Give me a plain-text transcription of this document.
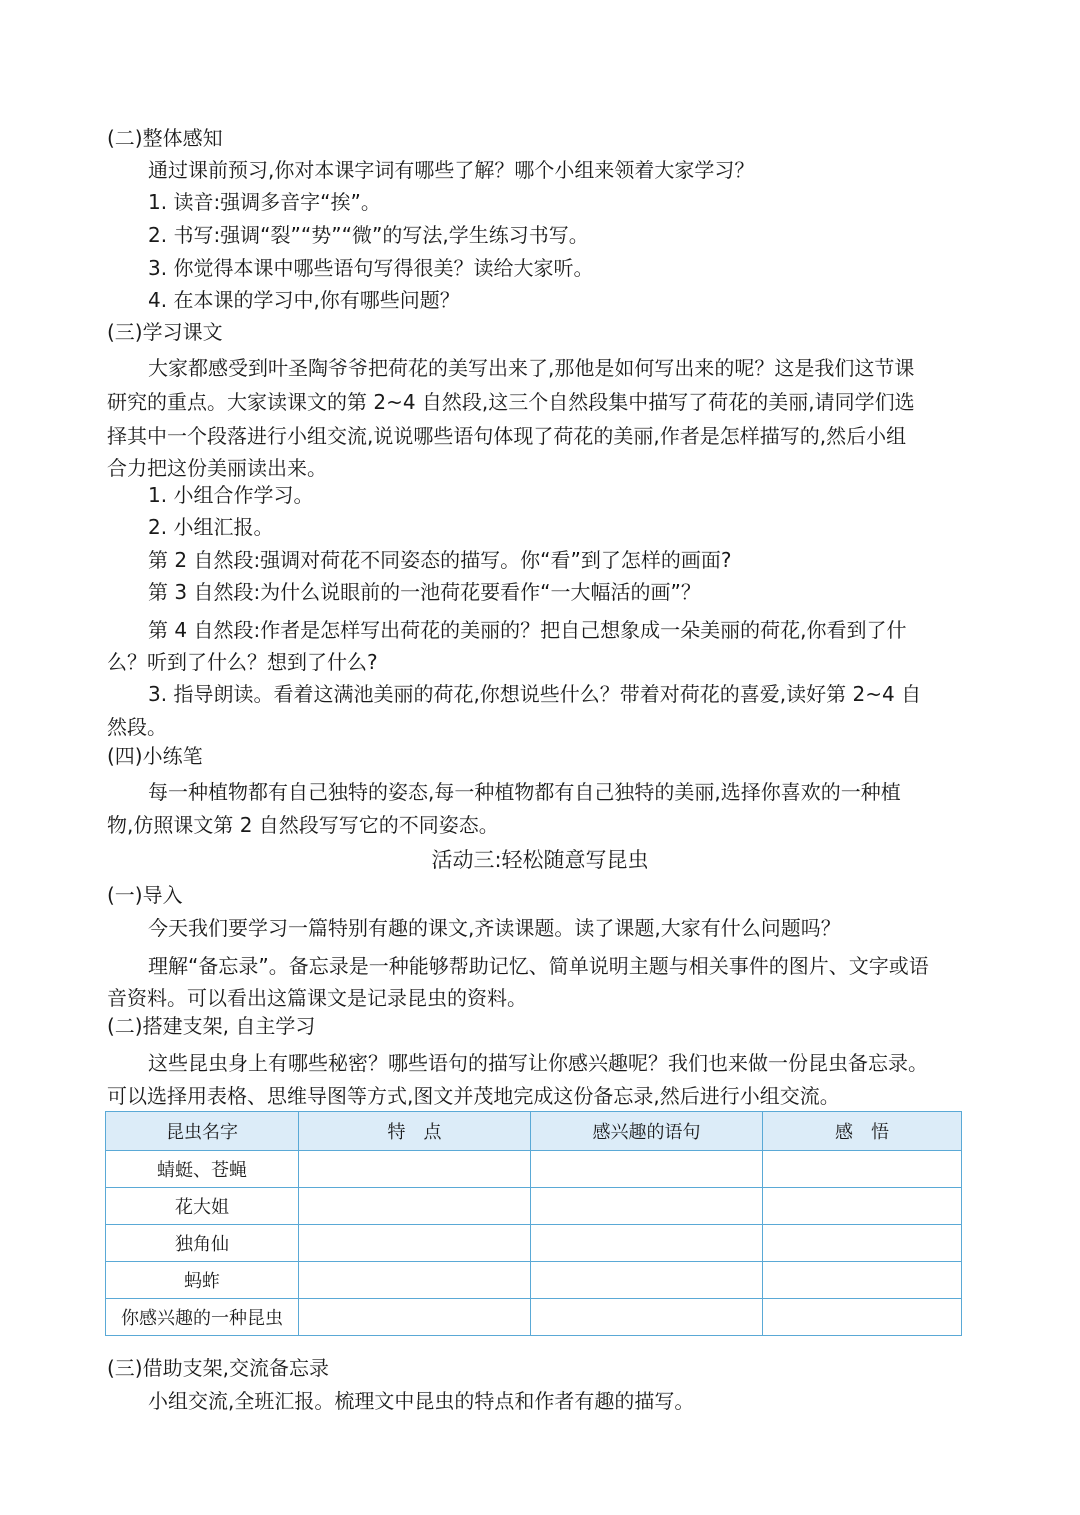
(二)整体感知
通过课前预习,你对本课字词有哪些了解？哪个小组来领着大家学习？
1. 读音:强调多音字“挨”。
2. 书写:强调“裂”“势”“微”的写法,学生练习书写。
3. 你觉得本课中哪些语句写得很美？读给大家听。
4. 在本课的学习中,你有哪些问题？
(三)学习课文
大家都感受到叶圣陶爷爷把荷花的美写出来了,那他是如何写出来的呢？这是我们这节课
研究的重点。大家读课文的第 2~4 自然段,这三个自然段集中描写了荷花的美丽,请同学们选
择其中一个段落进行小组交流,说说哪些语句体现了荷花的美丽,作者是怎样描写的,然后小组
合力把这份美丽读出来。
1. 小组合作学习。
2. 小组汇报。
第 2 自然段:强调对荷花不同姿态的描写。你“看”到了怎样的画面?
第 3 自然段:为什么说眼前的一池荷花要看作“一大幅活的画”？
第 4 自然段:作者是怎样写出荷花的美丽的？把自己想象成一朵美丽的荷花,你看到了什
么？听到了什么？想到了什么?
3. 指导朗读。看着这满池美丽的荷花,你想说些什么？带着对荷花的喜爱,读好第 2~4 自
然段。
(四)小练笔
每一种植物都有自己独特的姿态,每一种植物都有自己独特的美丽,选择你喜欢的一种植
物,仿照课文第 2 自然段写写它的不同姿态。
活动三:轻松随意写昆虫
(一)导入
今天我们要学习一篇特别有趣的课文,齐读课题。读了课题,大家有什么问题吗？
理解“备忘录”。备忘录是一种能够帮助记忆、简单说明主题与相关事件的图片、文字或语
音资料。可以看出这篇课文是记录昆虫的资料。
(二)搭建支架, 自主学习
这些昆虫身上有哪些秘密？哪些语句的描写让你感兴趣呢？我们也来做一份昆虫备忘录。
可以选择用表格、思维导图等方式,图文并茂地完成这份备忘录,然后进行小组交流。
昆虫名字	特　点	感兴趣的语句	感　悟
蜻蜓、苍蝇			
花大姐			
独角仙			
蚂蚱			
你感兴趣的一种昆虫			
(三)借助支架,交流备忘录
小组交流,全班汇报。梳理文中昆虫的特点和作者有趣的描写。
